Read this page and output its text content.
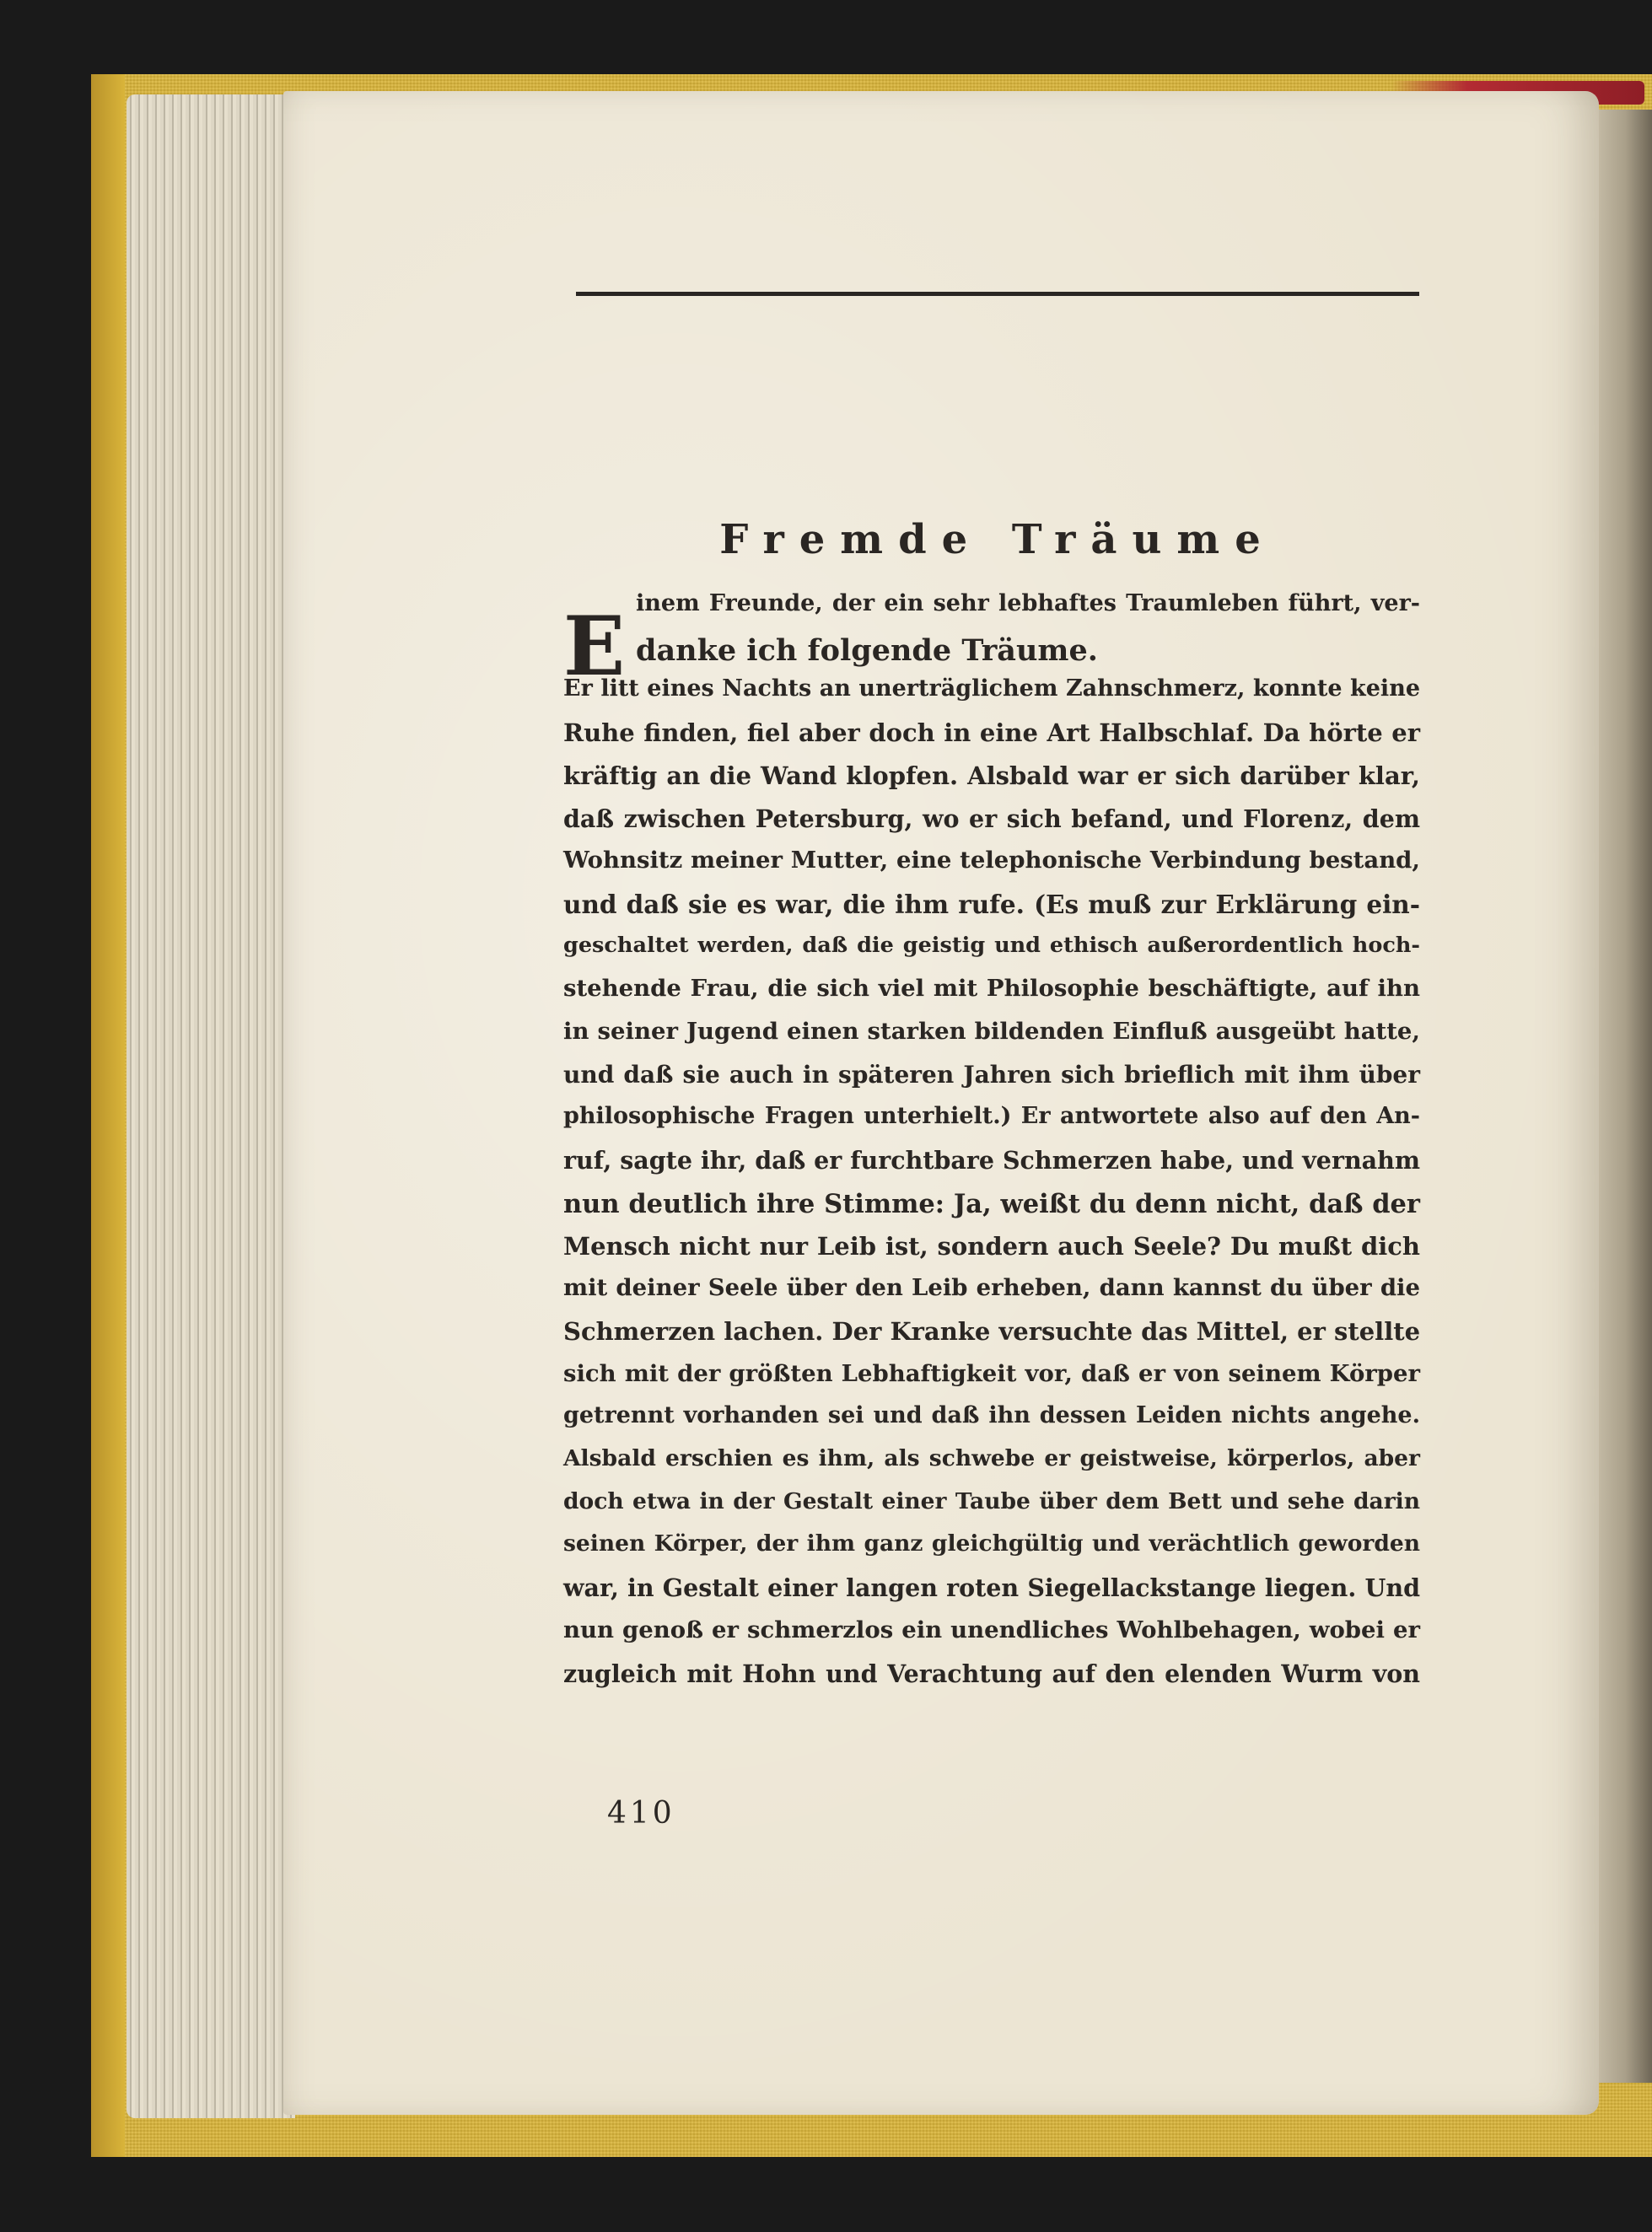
Fremde Träume
E inem Freunde, der ein sehr lebhaftes Traumleben führt, ver-
danke ich folgende Träume.
Er litt eines Nachts an unerträglichem Zahnschmerz, konnte keine
Ruhe finden, fiel aber doch in eine Art Halbschlaf. Da hörte er
kräftig an die Wand klopfen. Alsbald war er sich darüber klar,
daß zwischen Petersburg, wo er sich befand, und Florenz, dem
Wohnsitz meiner Mutter, eine telephonische Verbindung bestand,
und daß sie es war, die ihm rufe. (Es muß zur Erklärung ein-
geschaltet werden, daß die geistig und ethisch außerordentlich hoch-
stehende Frau, die sich viel mit Philosophie beschäftigte, auf ihn
in seiner Jugend einen starken bildenden Einfluß ausgeübt hatte,
und daß sie auch in späteren Jahren sich brieflich mit ihm über
philosophische Fragen unterhielt.) Er antwortete also auf den An-
ruf, sagte ihr, daß er furchtbare Schmerzen habe, und vernahm
nun deutlich ihre Stimme: Ja, weißt du denn nicht, daß der
Mensch nicht nur Leib ist, sondern auch Seele? Du mußt dich
mit deiner Seele über den Leib erheben, dann kannst du über die
Schmerzen lachen. Der Kranke versuchte das Mittel, er stellte
sich mit der größten Lebhaftigkeit vor, daß er von seinem Körper
getrennt vorhanden sei und daß ihn dessen Leiden nichts angehe.
Alsbald erschien es ihm, als schwebe er geistweise, körperlos, aber
doch etwa in der Gestalt einer Taube über dem Bett und sehe darin
seinen Körper, der ihm ganz gleichgültig und verächtlich geworden
war, in Gestalt einer langen roten Siegellackstange liegen. Und
nun genoß er schmerzlos ein unendliches Wohlbehagen, wobei er
zugleich mit Hohn und Verachtung auf den elenden Wurm von
410
